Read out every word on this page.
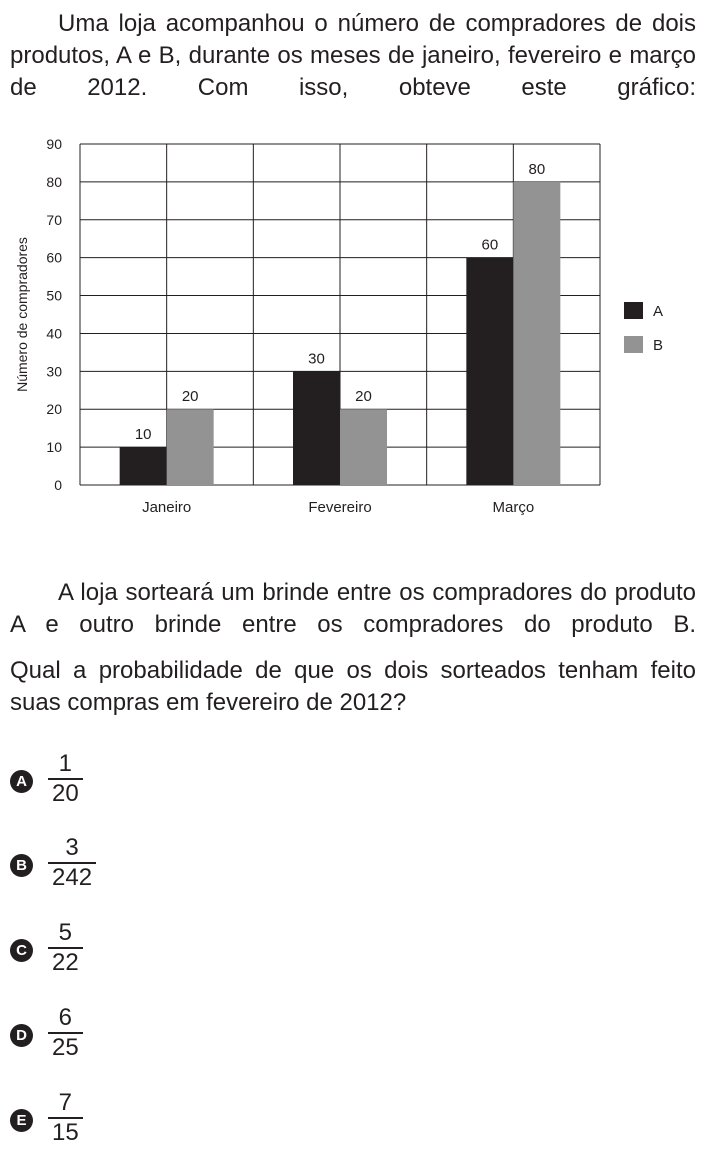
Uma loja acompanhou o número de compradores de dois produtos, A e B, durante os meses de janeiro, fevereiro e março de 2012. Com isso, obteve este gráfico:

0
10
20
30
40
50
60
70
80
90
10
20
Janeiro
30
20
Fevereiro
60
80
Março
Número de compradores	A
B

A loja sorteará um brinde entre os compradores do produto A e outro brinde entre os compradores do produto B.

Qual a probabilidade de que os dois sorteados tenham feito suas compras em fevereiro de 2012?

A $\frac{1}{20}$
B $\frac{3}{242}$
C $\frac{5}{22}$
D $\frac{6}{25}$
E $\frac{7}{15}$
